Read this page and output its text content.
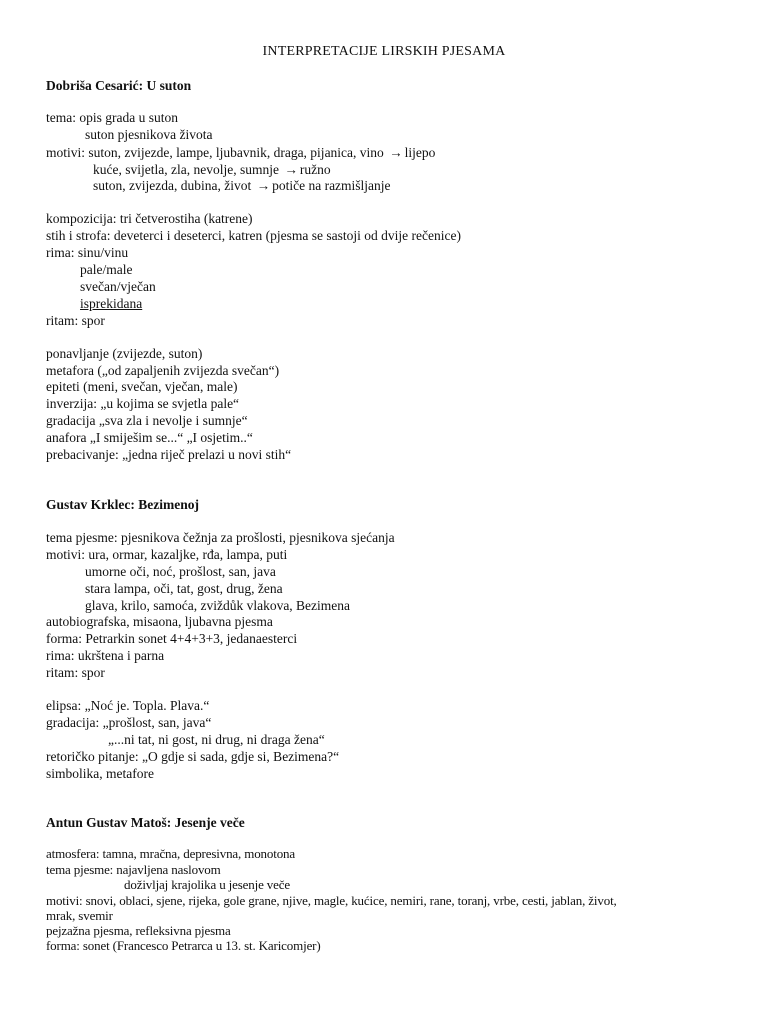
INTERPRETACIJE LIRSKIH PJESAMA
Dobriša Cesarić: U suton
tema: opis grada u suton
suton pjesnikova života
motivi: suton, zvijezde, lampe, ljubavnik, draga, pijanica, vino → lijepo
kuće, svijetla, zla, nevolje, sumnje → ružno
suton, zvijezda, dubina, život → potiče na razmišljanje
kompozicija: tri četverostiha (katrene)
stih i strofa: deveterci i deseterci, katren (pjesma se sastoji od dvije rečenice)
rima: sinu/vinu
pale/male
svečan/vječan
isprekidana
ritam: spor
ponavljanje (zvijezde, suton)
metafora („od zapaljenih zvijezda svečan“)
epiteti (meni, svečan, vječan, male)
inverzija: „u kojima se svjetla pale“
gradacija „sva zla i nevolje i sumnje“
anafora „I smiješim se...“ „I osjetim..“
prebacivanje: „jedna riječ prelazi u novi stih“
Gustav Krklec: Bezimenoj
tema pjesme: pjesnikova čežnja za prošlosti, pjesnikova sjećanja
motivi: ura, ormar, kazaljke, rđa, lampa, puti
umorne oči, noć, prošlost, san, java
stara lampa, oči, tat, gost, drug, žena
glava, krilo, samoća, zviždůk vlakova, Bezimena
autobiografska, misaona, ljubavna pjesma
forma: Petrarkin sonet 4+4+3+3, jedanaesterci
rima: ukrštena i parna
ritam: spor
elipsa: „Noć je. Topla. Plava.“
gradacija: „prošlost, san, java“
„...ni tat, ni gost, ni drug, ni draga žena“
retoričko pitanje: „O gdje si sada, gdje si, Bezimena?“
simbolika, metafore
Antun Gustav Matoš: Jesenje veče
atmosfera: tamna, mračna, depresivna, monotona
tema pjesme: najavljena naslovom
doživljaj krajolika u jesenje veče
motivi: snovi, oblaci, sjene, rijeka, gole grane, njive, magle, kućice, nemiri, rane, toranj, vrbe, cesti, jablan, život,
mrak, svemir
pejzažna pjesma, refleksivna pjesma
forma: sonet (Francesco Petrarca u 13. st. Karicomjer)
